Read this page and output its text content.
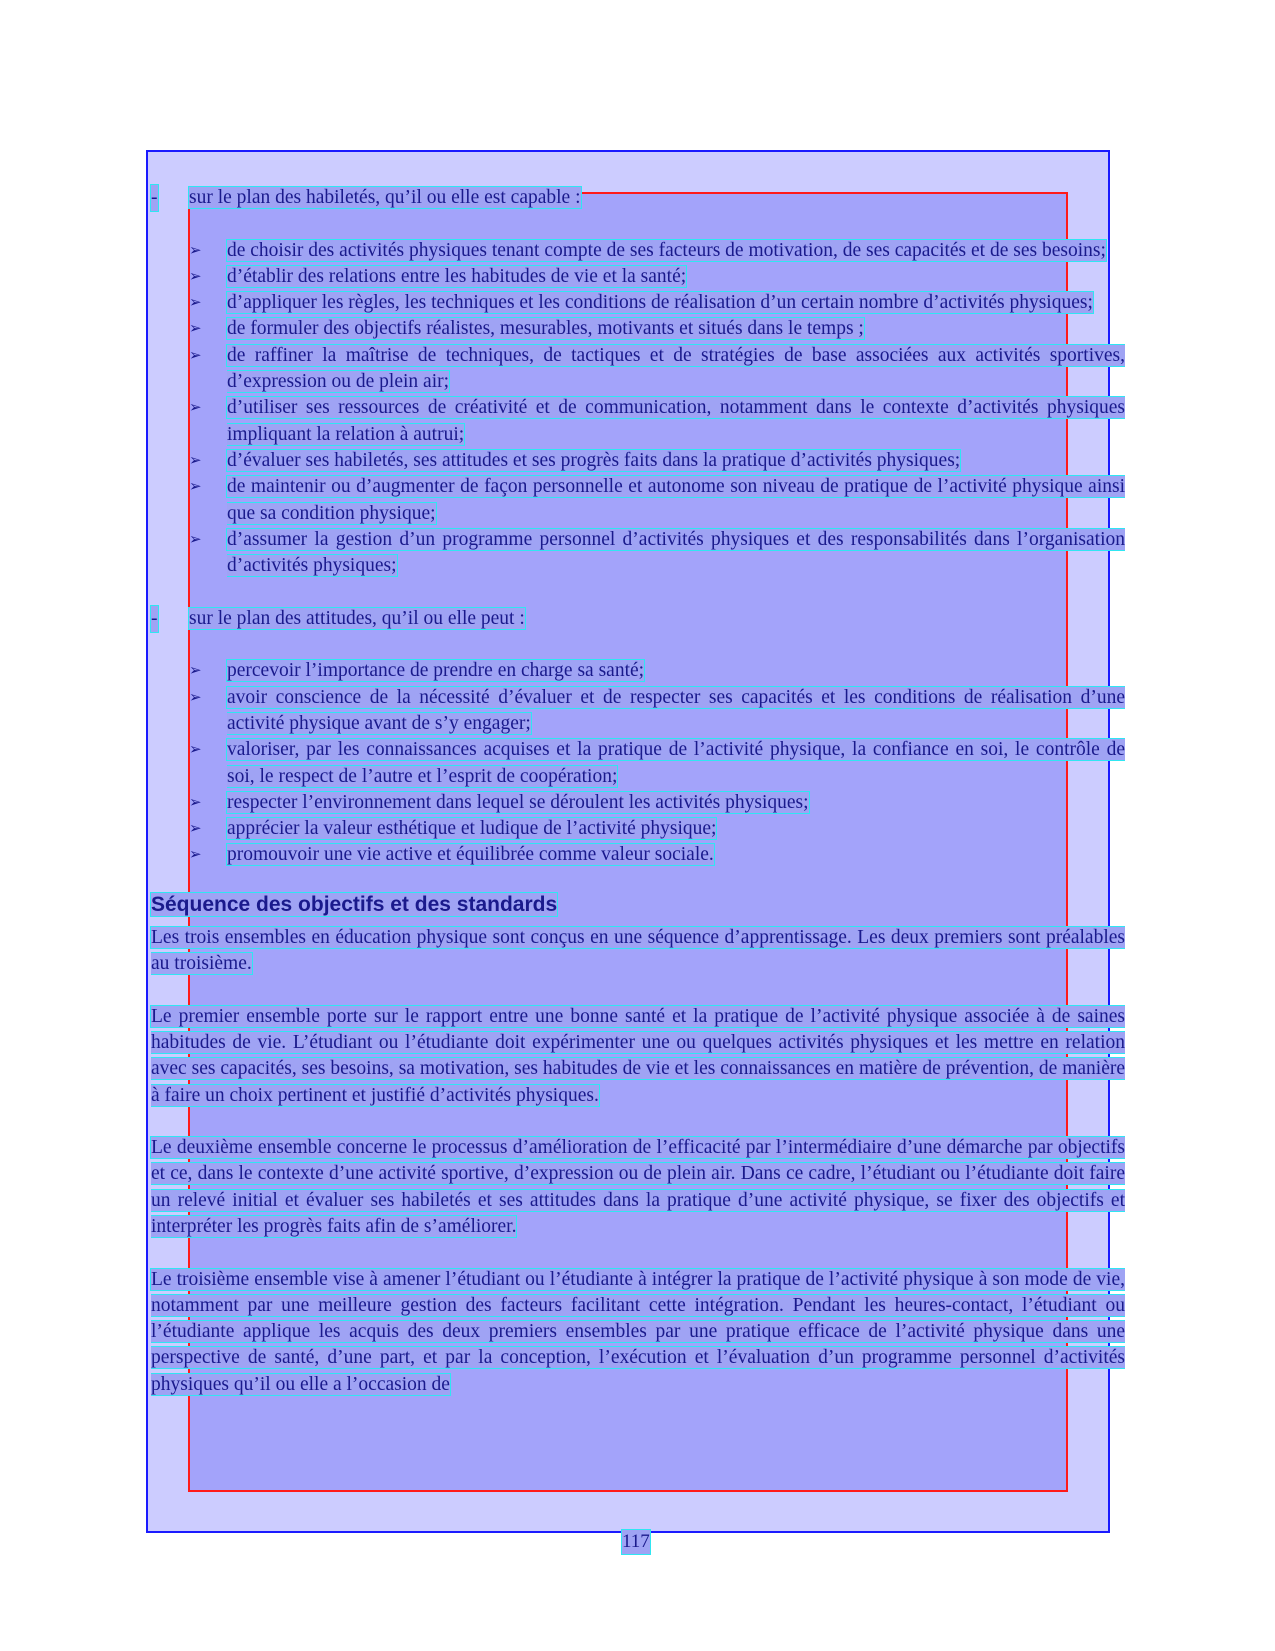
- sur le plan des habiletés, qu’il ou elle est capable :
➢ de choisir des activités physiques tenant compte de ses facteurs de motivation, de ses capacités et de ses besoins;
➢ d’établir des relations entre les habitudes de vie et la santé;
➢ d’appliquer les règles, les techniques et les conditions de réalisation d’un certain nombre d’activités physiques;
➢ de formuler des objectifs réalistes, mesurables, motivants et situés dans le temps ;
➢ de raffiner la maîtrise de techniques, de tactiques et de stratégies de base associées aux activités sportives, d’expression ou de plein air;
➢ d’utiliser ses ressources de créativité et de communication, notamment dans le contexte d’activités physiques impliquant la relation à autrui;
➢ d’évaluer ses habiletés, ses attitudes et ses progrès faits dans la pratique d’activités physiques;
➢ de maintenir ou d’augmenter de façon personnelle et autonome son niveau de pratique de l’activité physique ainsi que sa condition physique;
➢ d’assumer la gestion d’un programme personnel d’activités physiques et des responsabilités dans l’organisation d’activités physiques;
- sur le plan des attitudes, qu’il ou elle peut :
➢ percevoir l’importance de prendre en charge sa santé;
➢ avoir conscience de la nécessité d’évaluer et de respecter ses capacités et les conditions de réalisation d’une activité physique avant de s’y engager;
➢ valoriser, par les connaissances acquises et la pratique de l’activité physique, la confiance en soi, le contrôle de soi, le respect de l’autre et l’esprit de coopération;
➢ respecter l’environnement dans lequel se déroulent les activités physiques;
➢ apprécier la valeur esthétique et ludique de l’activité physique;
➢ promouvoir une vie active et équilibrée comme valeur sociale.
Séquence des objectifs et des standards

Les trois ensembles en éducation physique sont conçus en une séquence d’apprentissage. Les deux premiers sont préalables au troisième.

Le premier ensemble porte sur le rapport entre une bonne santé et la pratique de l’activité physique associée à de saines habitudes de vie. L’étudiant ou l’étudiante doit expérimenter une ou quelques activités physiques et les mettre en relation avec ses capacités, ses besoins, sa motivation, ses habitudes de vie et les connaissances en matière de prévention, de manière à faire un choix pertinent et justifié d’activités physiques.

Le deuxième ensemble concerne le processus d’amélioration de l’efficacité par l’intermédiaire d’une démarche par objectifs et ce, dans le contexte d’une activité sportive, d’expression ou de plein air. Dans ce cadre, l’étudiant ou l’étudiante doit faire un relevé initial et évaluer ses habiletés et ses attitudes dans la pratique d’une activité physique, se fixer des objectifs et interpréter les progrès faits afin de s’améliorer.

Le troisième ensemble vise à amener l’étudiant ou l’étudiante à intégrer la pratique de l’activité physique à son mode de vie, notamment par une meilleure gestion des facteurs facilitant cette intégration. Pendant les heures-contact, l’étudiant ou l’étudiante applique les acquis des deux premiers ensembles par une pratique efficace de l’activité physique dans une perspective de santé, d’une part, et par la conception, l’exécution et l’évaluation d’un programme personnel d’activités physiques qu’il ou elle a l’occasion de

117
